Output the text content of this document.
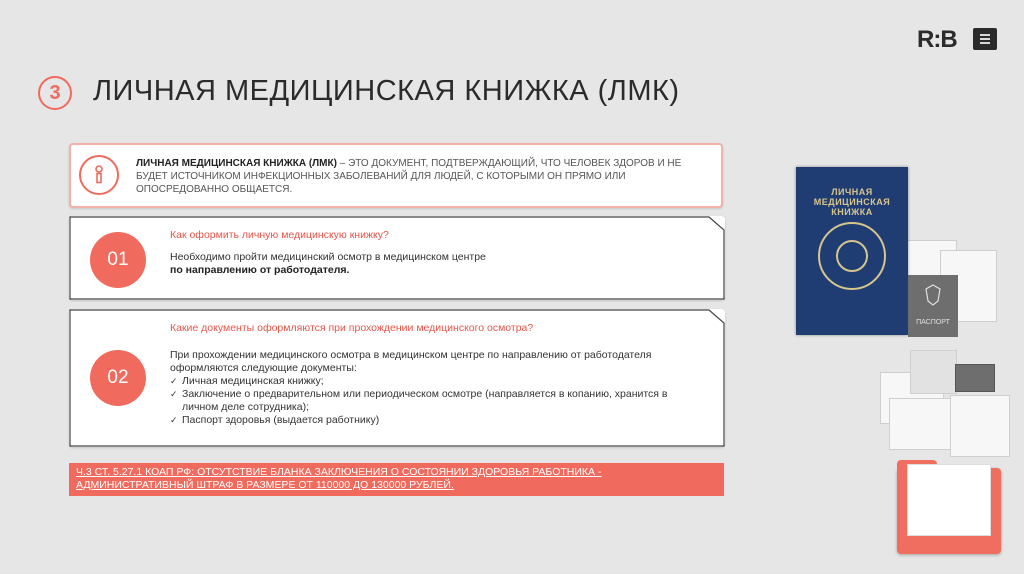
R:B
3	ЛИЧНАЯ МЕДИЦИНСКАЯ КНИЖКА (ЛМК)
ЛИЧНАЯ МЕДИЦИНСКАЯ КНИЖКА (ЛМК) – ЭТО ДОКУМЕНТ, ПОДТВЕРЖДАЮЩИЙ, ЧТО ЧЕЛОВЕК ЗДОРОВ И НЕ БУДЕТ ИСТОЧНИКОМ ИНФЕКЦИОННЫХ ЗАБОЛЕВАНИЙ ДЛЯ ЛЮДЕЙ, С КОТОРЫМИ ОН ПРЯМО ИЛИ ОПОСРЕДОВАННО ОБЩАЕТСЯ.
01
Как оформить личную медицинскую книжку?
Необходимо пройти медицинский осмотр в медицинском центре
по направлению от работодателя.
02
Какие документы оформляются при прохождении медицинского осмотра?
При прохождении медицинского осмотра в медицинском центре по направлению от работодателя оформляются следующие документы:
✓ Личная медицинская книжку;
✓ Заключение о предварительном или периодическом осмотре (направляется в копанию, хранится в личном деле сотрудника);
✓ Паспорт здоровья (выдается работнику)
Ч.3 СТ. 5.27.1 КОАП РФ: ОТСУТСТВИЕ БЛАНКА ЗАКЛЮЧЕНИЯ О СОСТОЯНИИ ЗДОРОВЬЯ РАБОТНИКА - АДМИНИСТРАТИВНЫЙ ШТРАФ В РАЗМЕРЕ ОТ 110000 ДО 130000 РУБЛЕЙ.
ЛИЧНАЯ МЕДИЦИНСКАЯ КНИЖКА
ПАСПОРТ
